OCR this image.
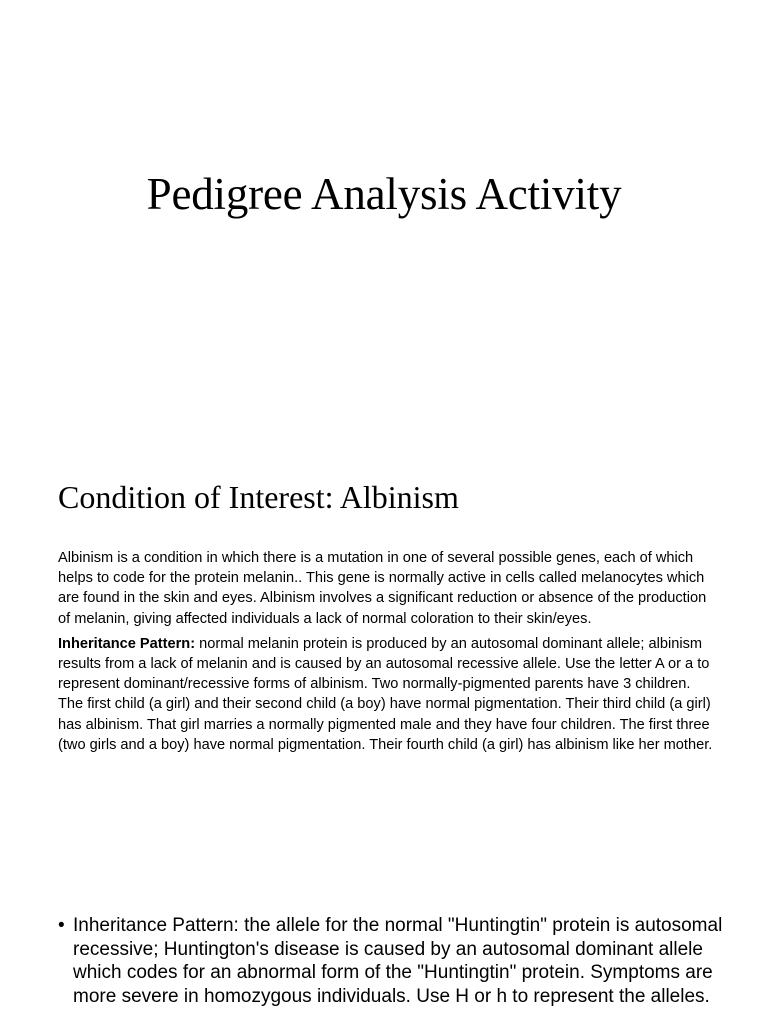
Pedigree Analysis Activity
Condition of Interest: Albinism

Albinism is a condition in which there is a mutation in one of several possible genes, each of which helps to code for the protein melanin.. This gene is normally active in cells called melanocytes which are found in the skin and eyes. Albinism involves a significant reduction or absence of the production of melanin, giving affected individuals a lack of normal coloration to their skin/eyes.

Inheritance Pattern: normal melanin protein is produced by an autosomal dominant allele; albinism results from a lack of melanin and is caused by an autosomal recessive allele. Use the letter A or a to represent dominant/recessive forms of albinism. Two normally-pigmented parents have 3 children. The first child (a girl) and their second child (a boy) have normal pigmentation. Their third child (a girl) has albinism. That girl marries a normally pigmented male and they have four children. The first three (two girls and a boy) have normal pigmentation. Their fourth child (a girl) has albinism like her mother.

• Inheritance Pattern: the allele for the normal "Huntingtin" protein is autosomal recessive; Huntington's disease is caused by an autosomal dominant allele which codes for an abnormal form of the "Huntingtin" protein. Symptoms are more severe in homozygous individuals. Use H or h to represent the alleles.
